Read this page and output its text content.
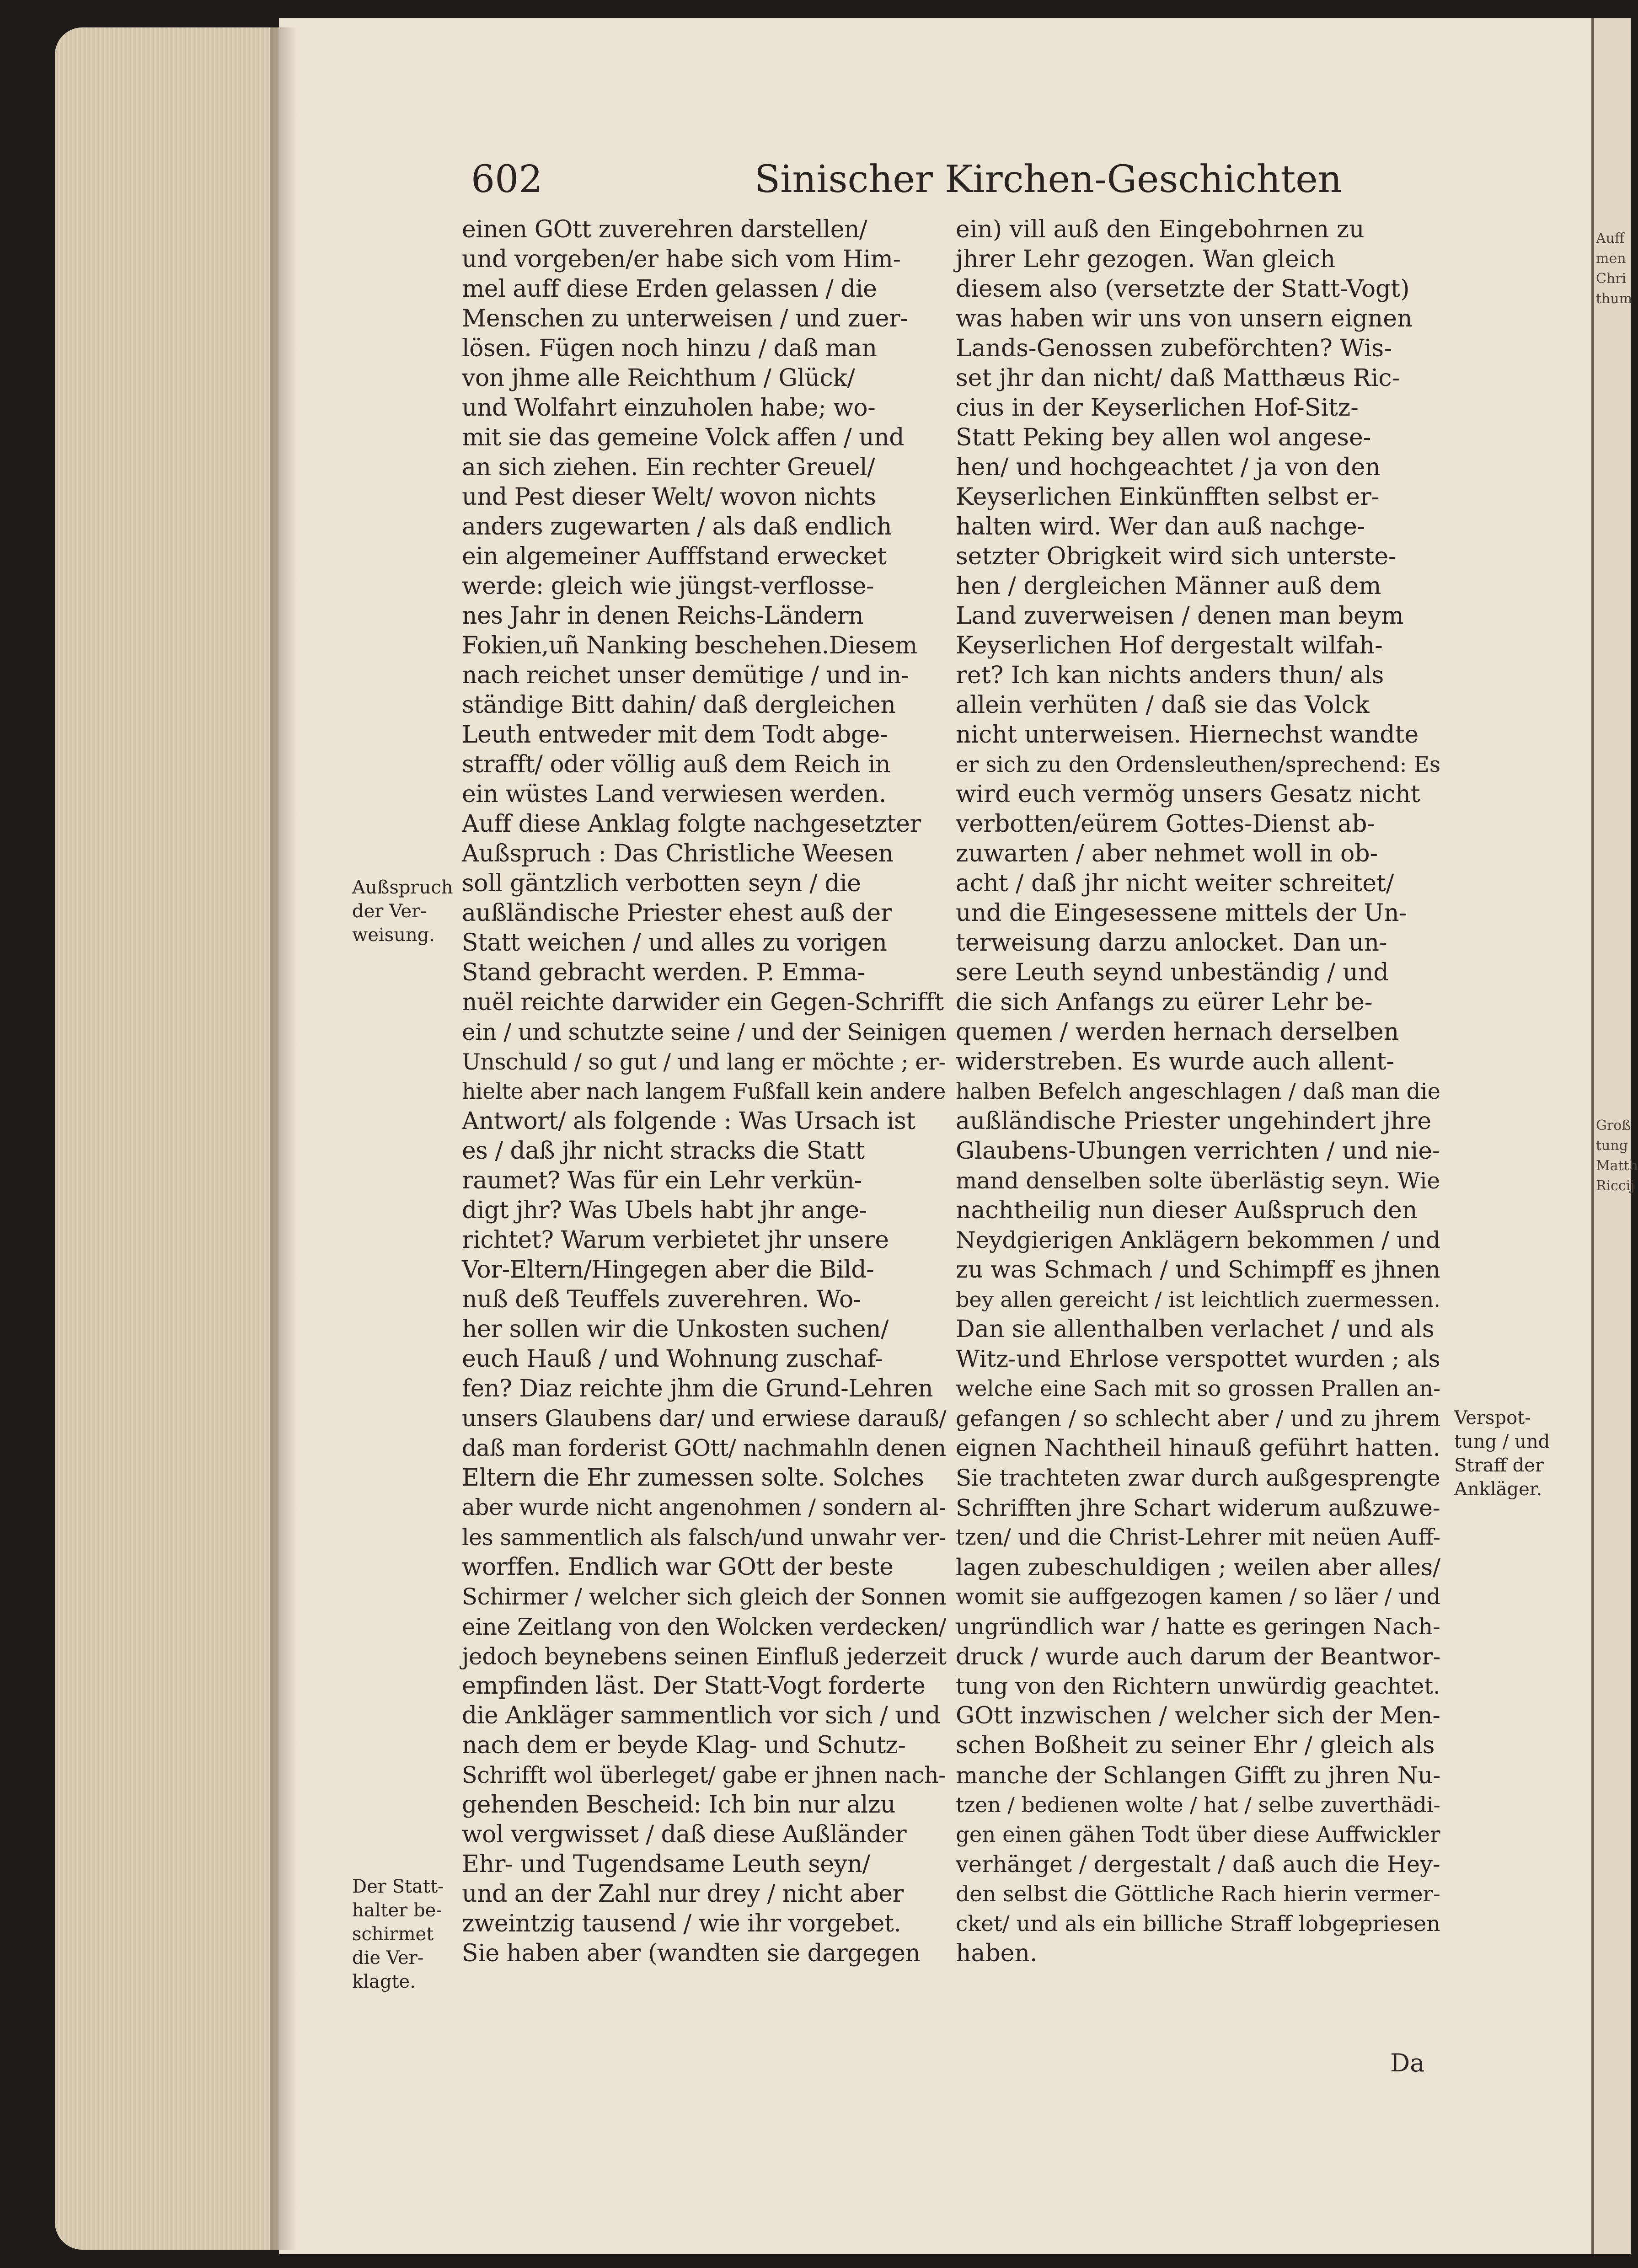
Auff
men
Chri
thum
Groß
tung
Matth
Riccij
602	Sinischer Kirchen-Geschichten
einen GOtt zuverehren darstellen/
und vorgeben/er habe sich vom Him-
mel auff diese Erden gelassen / die
Menschen zu unterweisen / und zuer-
lösen. Fügen noch hinzu / daß man
von jhme alle Reichthum / Glück/
und Wolfahrt einzuholen habe; wo-
mit sie das gemeine Volck affen / und
an sich ziehen. Ein rechter Greuel/
und Pest dieser Welt/ wovon nichts
anders zugewarten / als daß endlich
ein algemeiner Aufffstand erwecket
werde: gleich wie jüngst-verflosse-
nes Jahr in denen Reichs-Ländern
Fokien,uñ Nanking beschehen.Diesem
nach reichet unser demütige / und in-
ständige Bitt dahin/ daß dergleichen
Leuth entweder mit dem Todt abge-
strafft/ oder völlig auß dem Reich in
ein wüstes Land verwiesen werden.
Auff diese Anklag folgte nachgesetzter
Außspruch : Das Christliche Weesen
soll gäntzlich verbotten seyn / die
außländische Priester ehest auß der
Statt weichen / und alles zu vorigen
Stand gebracht werden. P. Emma-
nuël reichte darwider ein Gegen-Schrifft
ein / und schutzte seine / und der Seinigen
Unschuld / so gut / und lang er möchte ; er-
hielte aber nach langem Fußfall kein andere
Antwort/ als folgende : Was Ursach ist
es / daß jhr nicht stracks die Statt
raumet? Was für ein Lehr verkün-
digt jhr? Was Ubels habt jhr ange-
richtet? Warum verbietet jhr unsere
Vor-Eltern/Hingegen aber die Bild-
nuß deß Teuffels zuverehren. Wo-
her sollen wir die Unkosten suchen/
euch Hauß / und Wohnung zuschaf-
fen? Diaz reichte jhm die Grund-Lehren
unsers Glaubens dar/ und erwiese darauß/
daß man forderist GOtt/ nachmahln denen
Eltern die Ehr zumessen solte. Solches
aber wurde nicht angenohmen / sondern al-
les sammentlich als falsch/und unwahr ver-
worffen. Endlich war GOtt der beste
Schirmer / welcher sich gleich der Sonnen
eine Zeitlang von den Wolcken verdecken/
jedoch beynebens seinen Einfluß jederzeit
empfinden läst. Der Statt-Vogt forderte
die Ankläger sammentlich vor sich / und
nach dem er beyde Klag- und Schutz-
Schrifft wol überleget/ gabe er jhnen nach-
gehenden Bescheid: Ich bin nur alzu
wol vergwisset / daß diese Außländer
Ehr- und Tugendsame Leuth seyn/
und an der Zahl nur drey / nicht aber
zweintzig tausend / wie ihr vorgebet.
Sie haben aber (wandten sie dargegen
ein) vill auß den Eingebohrnen zu
jhrer Lehr gezogen. Wan gleich
diesem also (versetzte der Statt-Vogt)
was haben wir uns von unsern eignen
Lands-Genossen zubeförchten? Wis-
set jhr dan nicht/ daß Matthæus Ric-
cius in der Keyserlichen Hof-Sitz-
Statt Peking bey allen wol angese-
hen/ und hochgeachtet / ja von den
Keyserlichen Einkünfften selbst er-
halten wird. Wer dan auß nachge-
setzter Obrigkeit wird sich unterste-
hen / dergleichen Männer auß dem
Land zuverweisen / denen man beym
Keyserlichen Hof dergestalt wilfah-
ret? Ich kan nichts anders thun/ als
allein verhüten / daß sie das Volck
nicht unterweisen. Hiernechst wandte
er sich zu den Ordensleuthen/sprechend: Es
wird euch vermög unsers Gesatz nicht
verbotten/eürem Gottes-Dienst ab-
zuwarten / aber nehmet woll in ob-
acht / daß jhr nicht weiter schreitet/
und die Eingesessene mittels der Un-
terweisung darzu anlocket. Dan un-
sere Leuth seynd unbeständig / und
die sich Anfangs zu eürer Lehr be-
quemen / werden hernach derselben
widerstreben. Es wurde auch allent-
halben Befelch angeschlagen / daß man die
außländische Priester ungehindert jhre
Glaubens-Ubungen verrichten / und nie-
mand denselben solte überlästig seyn. Wie
nachtheilig nun dieser Außspruch den
Neydgierigen Anklägern bekommen / und
zu was Schmach / und Schimpff es jhnen
bey allen gereicht / ist leichtlich zuermessen.
Dan sie allenthalben verlachet / und als
Witz-und Ehrlose verspottet wurden ; als
welche eine Sach mit so grossen Prallen an-
gefangen / so schlecht aber / und zu jhrem
eignen Nachtheil hinauß geführt hatten.
Sie trachteten zwar durch außgesprengte
Schrifften jhre Schart widerum außzuwe-
tzen/ und die Christ-Lehrer mit neüen Auff-
lagen zubeschuldigen ; weilen aber alles/
womit sie auffgezogen kamen / so läer / und
ungründlich war / hatte es geringen Nach-
druck / wurde auch darum der Beantwor-
tung von den Richtern unwürdig geachtet.
GOtt inzwischen / welcher sich der Men-
schen Boßheit zu seiner Ehr / gleich als
manche der Schlangen Gifft zu jhren Nu-
tzen / bedienen wolte / hat / selbe zuverthädi-
gen einen gähen Todt über diese Auffwickler
verhänget / dergestalt / daß auch die Hey-
den selbst die Göttliche Rach hierin vermer-
cket/ und als ein billiche Straff lobgepriesen
haben.
Außspruch
der Ver-
weisung.
Der Statt-
halter be-
schirmet
die Ver-
klagte.
Verspot-
tung / und
Straff der
Ankläger.
Da
